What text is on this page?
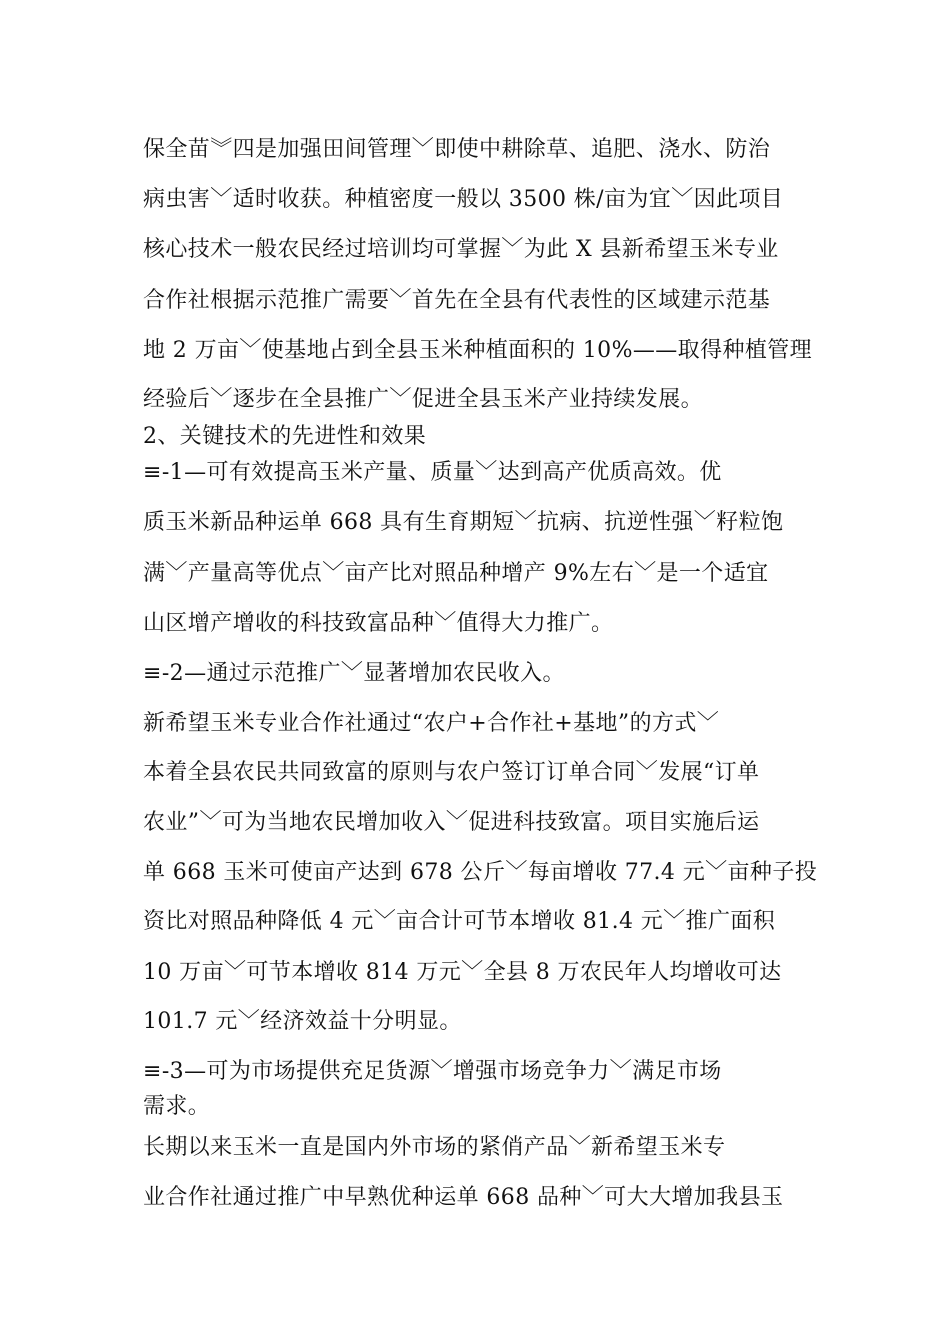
保全苗︾四是加强田间管理﹀即使中耕除草、追肥、浇水、防治
病虫害﹀适时收获。种植密度一般以 3500 株/亩为宜﹀因此项目
核心技术一般农民经过培训均可掌握﹀为此 X 县新希望玉米专业
合作社根据示范推广需要﹀首先在全县有代表性的区域建示范基
地 2 万亩﹀使基地占到全县玉米种植面积的 10%——取得种植管理
经验后﹀逐步在全县推广﹀促进全县玉米产业持续发展。
2、关键技术的先进性和效果
≡-1—可有效提高玉米产量、质量﹀达到高产优质高效。优
质玉米新品种运单 668 具有生育期短﹀抗病、抗逆性强﹀籽粒饱
满﹀产量高等优点﹀亩产比对照品种增产 9%左右﹀是一个适宜
山区增产增收的科技致富品种﹀值得大力推广。
≡-2—通过示范推广﹀显著增加农民收入。
新希望玉米专业合作社通过“农户+合作社+基地”的方式﹀
本着全县农民共同致富的原则与农户签订订单合同﹀发展“订单
农业”﹀可为当地农民增加收入﹀促进科技致富。项目实施后运
单 668 玉米可使亩产达到 678 公斤﹀每亩增收 77.4 元﹀亩种子投
资比对照品种降低 4 元﹀亩合计可节本增收 81.4 元﹀推广面积
10 万亩﹀可节本增收 814 万元﹀全县 8 万农民年人均增收可达
101.7 元﹀经济效益十分明显。
≡-3—可为市场提供充足货源﹀增强市场竞争力﹀满足市场
需求。
长期以来玉米一直是国内外市场的紧俏产品﹀新希望玉米专
业合作社通过推广中早熟优种运单 668 品种﹀可大大增加我县玉
